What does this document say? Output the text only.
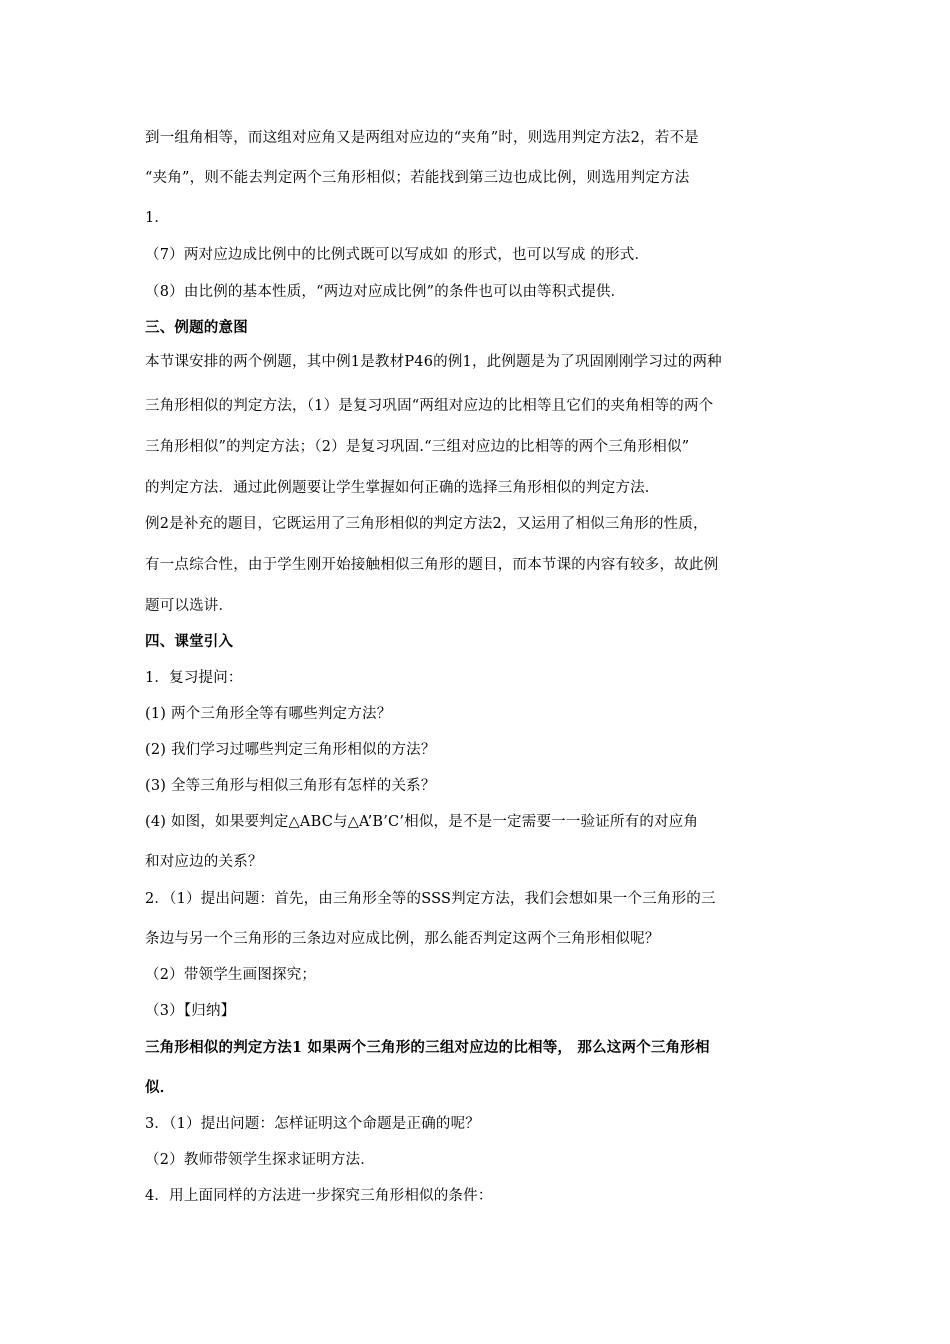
到一组角相等，而这组对应角又是两组对应边的“夹角”时，则选用判定方法2，若不是
“夹角”，则不能去判定两个三角形相似；若能找到第三边也成比例，则选用判定方法
1．
（7）两对应边成比例中的比例式既可以写成如 的形式，也可以写成 的形式．
（8）由比例的基本性质，“两边对应成比例”的条件也可以由等积式提供．
三、例题的意图
本节课安排的两个例题，其中例1是教材P46的例1，此例题是为了巩固刚刚学习过的两种
三角形相似的判定方法，（1）是复习巩固“两组对应边的比相等且它们的夹角相等的两个
三角形相似”的判定方法；（2）是复习巩固.“三组对应边的比相等的两个三角形相似”
的判定方法．通过此例题要让学生掌握如何正确的选择三角形相似的判定方法．
例2是补充的题目，它既运用了三角形相似的判定方法2，又运用了相似三角形的性质，
有一点综合性，由于学生刚开始接触相似三角形的题目，而本节课的内容有较多，故此例
题可以选讲．
四、课堂引入
1．复习提问：
(1) 两个三角形全等有哪些判定方法？
(2) 我们学习过哪些判定三角形相似的方法？
(3) 全等三角形与相似三角形有怎样的关系？
(4) 如图，如果要判定△ABC与△A’B’C’相似，是不是一定需要一一验证所有的对应角
和对应边的关系？
2．（1）提出问题：首先，由三角形全等的SSS判定方法，我们会想如果一个三角形的三
条边与另一个三角形的三条边对应成比例，那么能否判定这两个三角形相似呢？
（2）带领学生画图探究；
（3）【归纳】
三角形相似的判定方法1 如果两个三角形的三组对应边的比相等， 那么这两个三角形相
似．
3．（1）提出问题：怎样证明这个命题是正确的呢？
（2）教师带领学生探求证明方法．
4．用上面同样的方法进一步探究三角形相似的条件：
